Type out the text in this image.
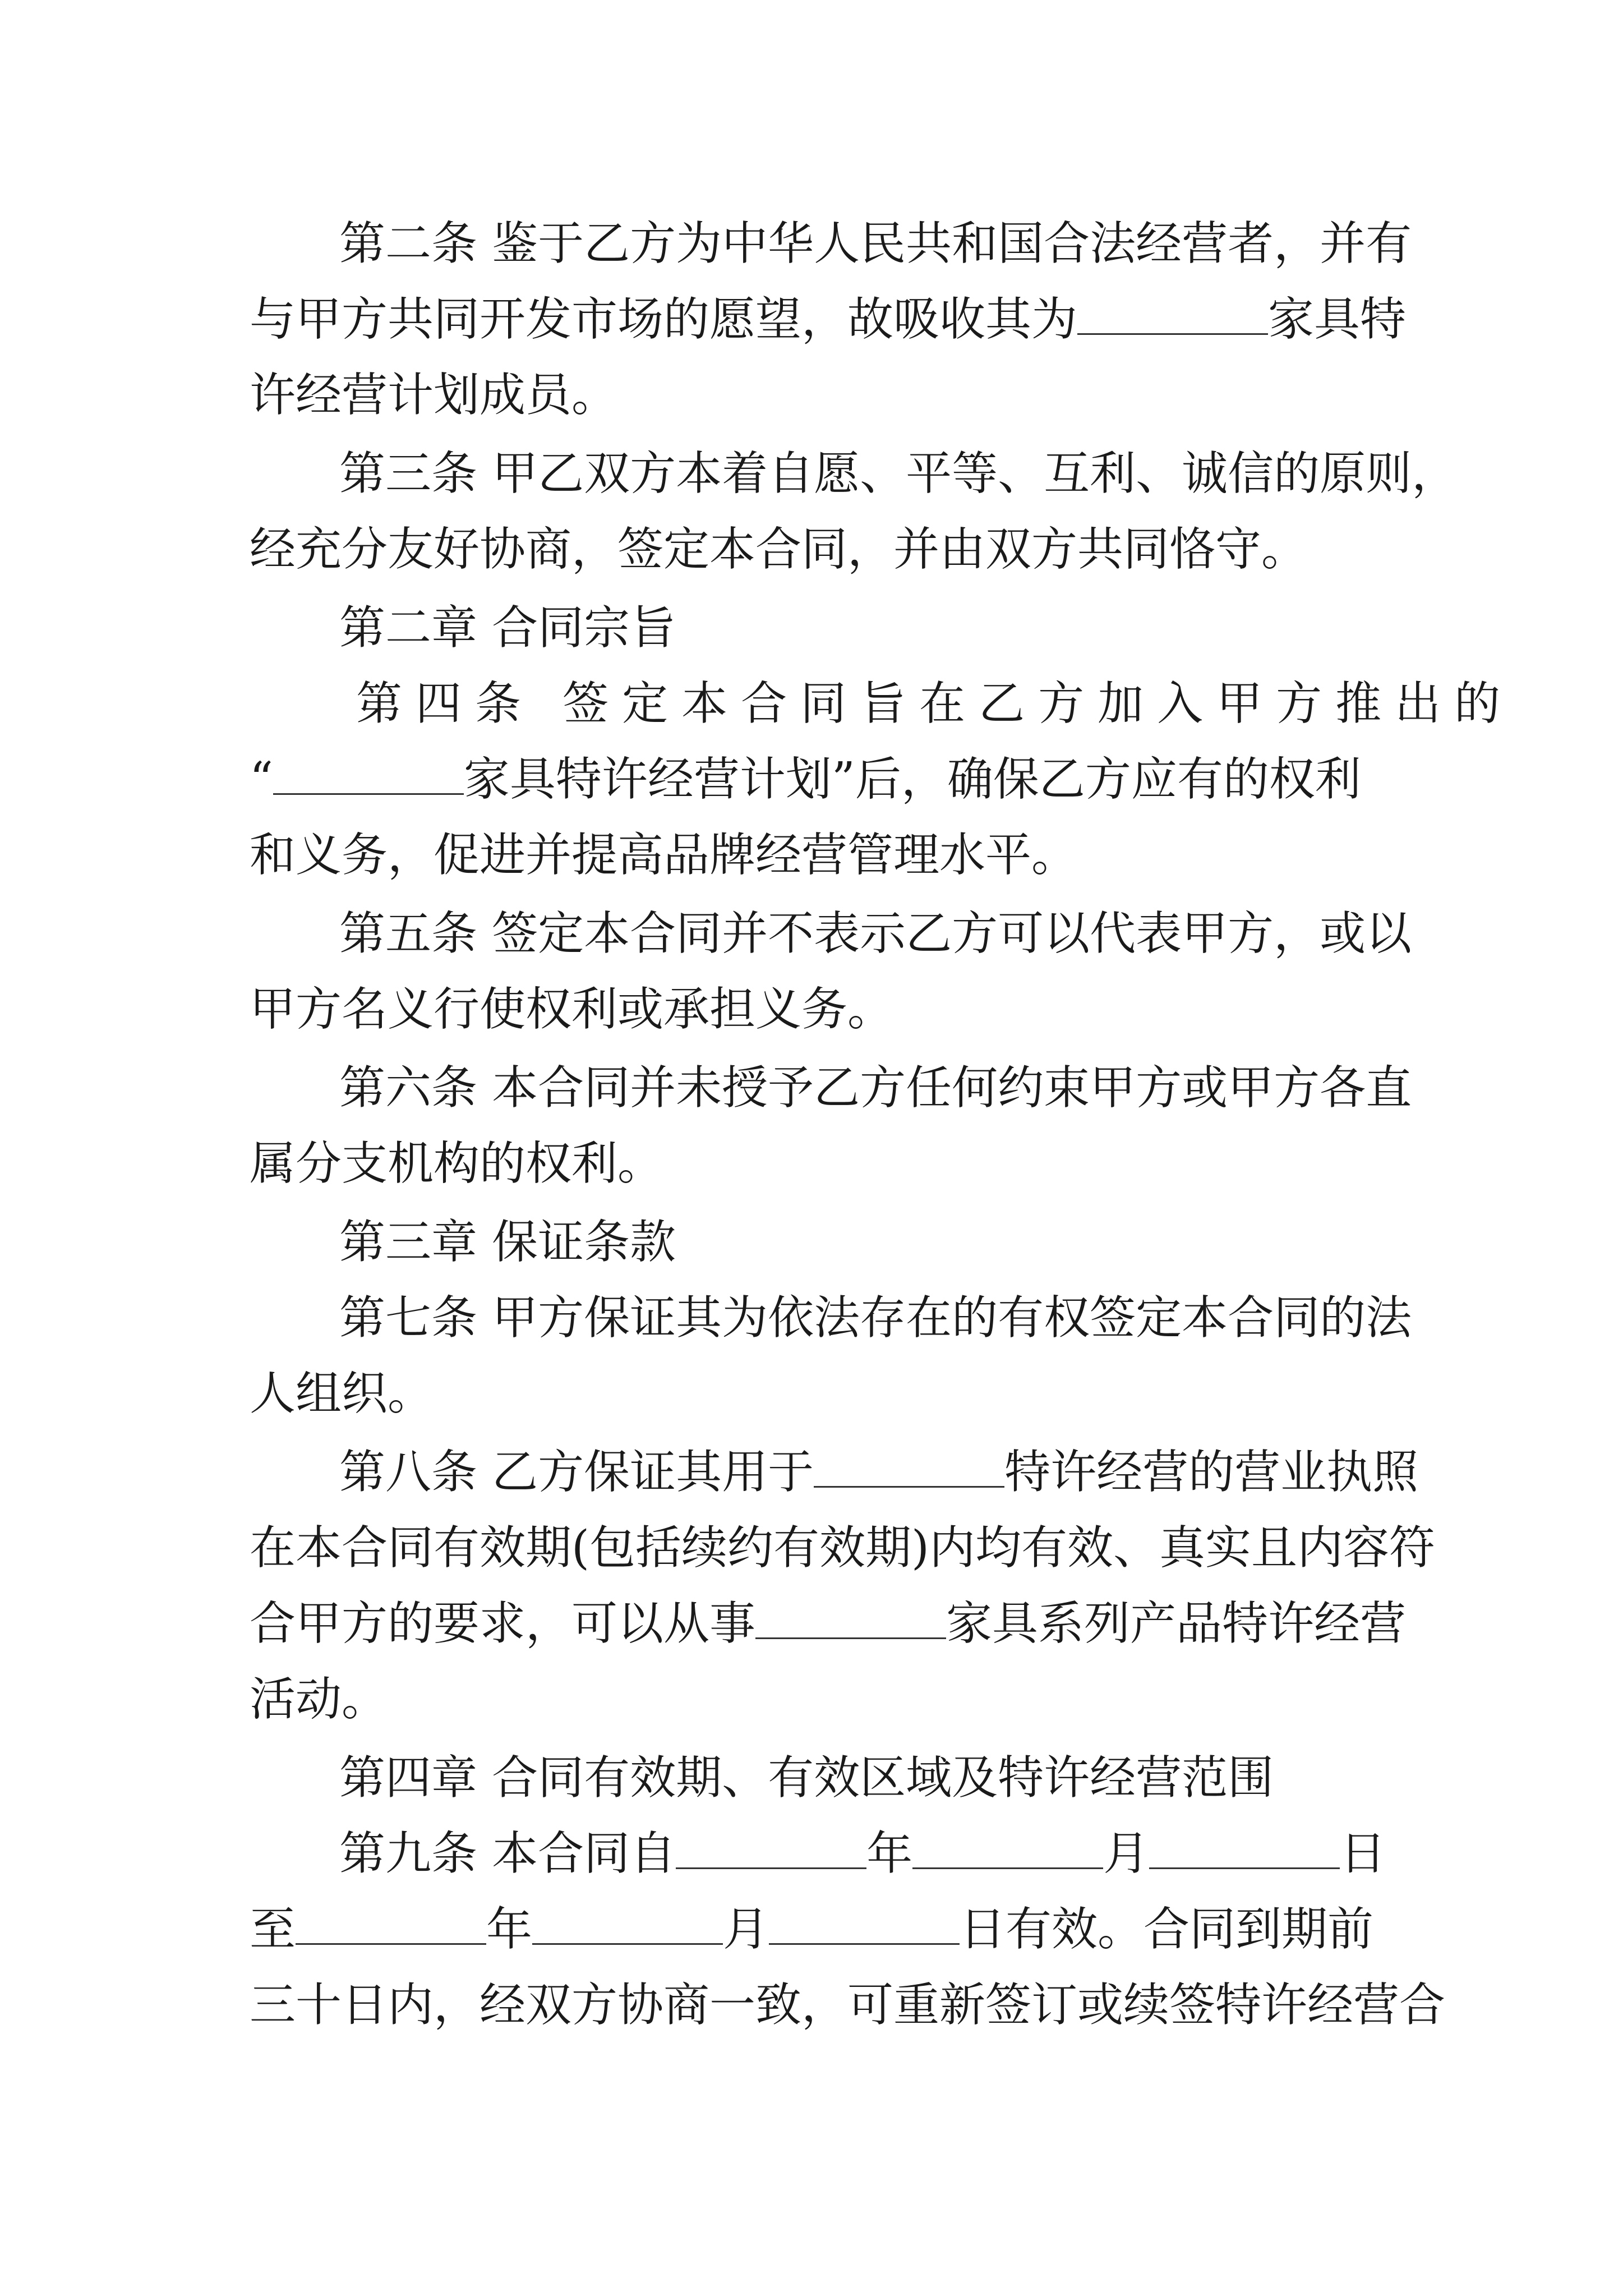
第二条 鉴于乙方为中华人民共和国合法经营者，并有
与甲方共同开发市场的愿望，故吸收其为	家具特
许经营计划成员。
第三条 甲乙双方本着自愿、平等、互利、诚信的原则，
经充分友好协商，签定本合同，并由双方共同恪守。
第二章 合同宗旨
第四条 签定本合同旨在乙方加入甲方推出的
“	家具特许经营计划”后，确保乙方应有的权利
和义务，促进并提高品牌经营管理水平。
第五条 签定本合同并不表示乙方可以代表甲方，或以
甲方名义行使权利或承担义务。
第六条 本合同并未授予乙方任何约束甲方或甲方各直
属分支机构的权利。
第三章 保证条款
第七条 甲方保证其为依法存在的有权签定本合同的法
人组织。
第八条 乙方保证其用于	特许经营的营业执照
在本合同有效期(包括续约有效期)内均有效、真实且内容符
合甲方的要求，可以从事	家具系列产品特许经营
活动。
第四章 合同有效期、有效区域及特许经营范围
第九条 本合同自	年	月	日
至	年	月	日有效。合同到期前
三十日内，经双方协商一致，可重新签订或续签特许经营合
